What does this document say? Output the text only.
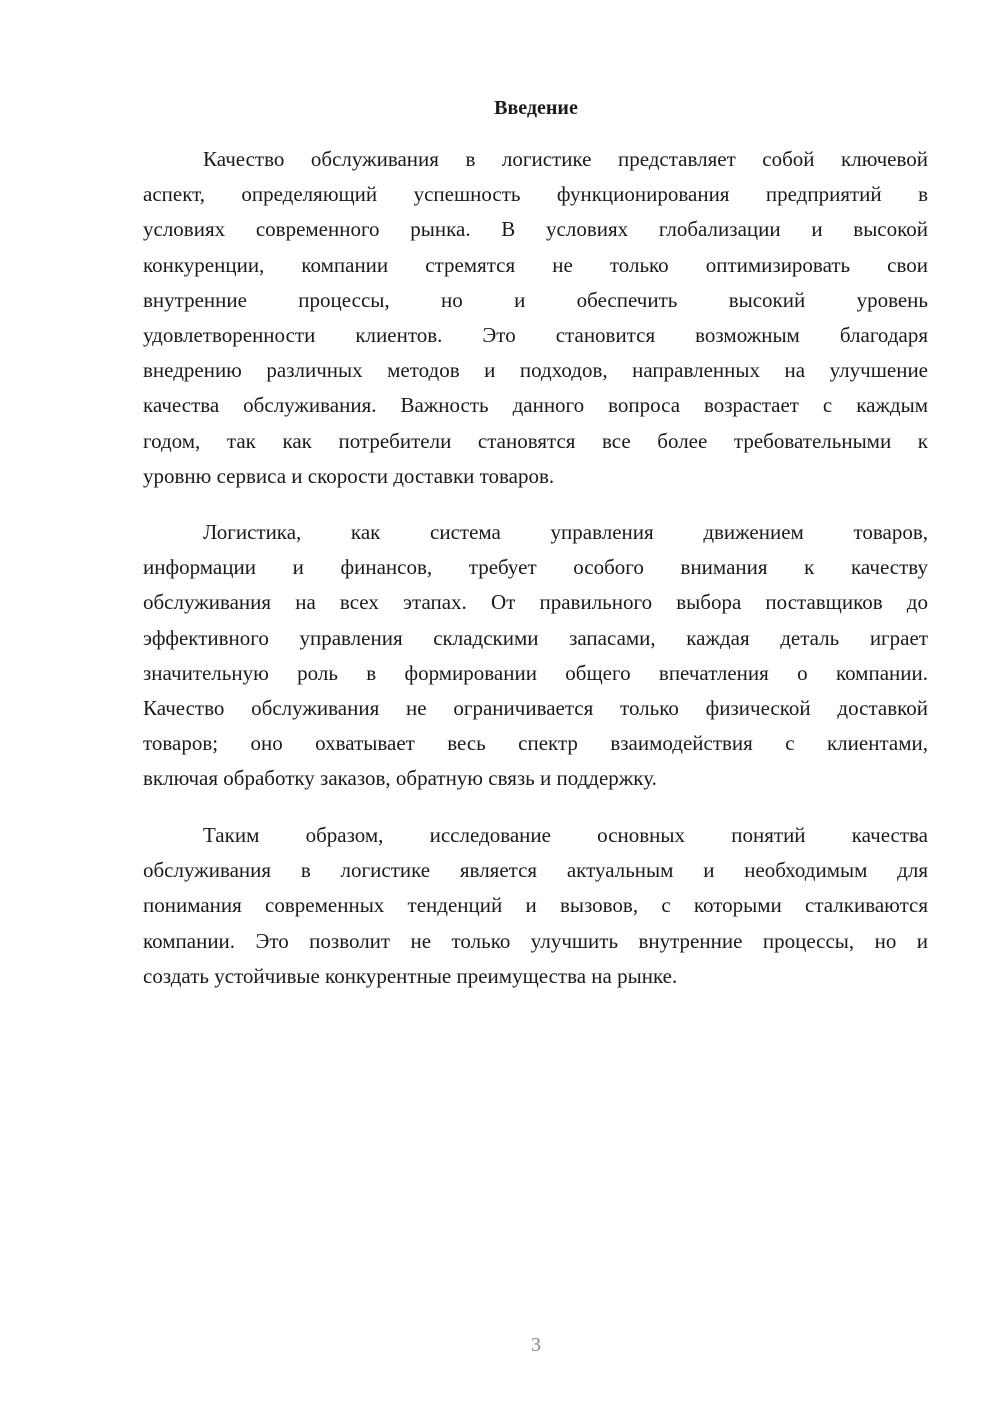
Введение
Качество обслуживания в логистике представляет собой ключевой
аспект, определяющий успешность функционирования предприятий в
условиях современного рынка. В условиях глобализации и высокой
конкуренции, компании стремятся не только оптимизировать свои
внутренние процессы, но и обеспечить высокий уровень
удовлетворенности клиентов. Это становится возможным благодаря
внедрению различных методов и подходов, направленных на улучшение
качества обслуживания. Важность данного вопроса возрастает с каждым
годом, так как потребители становятся все более требовательными к
уровню сервиса и скорости доставки товаров.
Логистика, как система управления движением товаров,
информации и финансов, требует особого внимания к качеству
обслуживания на всех этапах. От правильного выбора поставщиков до
эффективного управления складскими запасами, каждая деталь играет
значительную роль в формировании общего впечатления о компании.
Качество обслуживания не ограничивается только физической доставкой
товаров; оно охватывает весь спектр взаимодействия с клиентами,
включая обработку заказов, обратную связь и поддержку.
Таким образом, исследование основных понятий качества
обслуживания в логистике является актуальным и необходимым для
понимания современных тенденций и вызовов, с которыми сталкиваются
компании. Это позволит не только улучшить внутренние процессы, но и
создать устойчивые конкурентные преимущества на рынке.
3
